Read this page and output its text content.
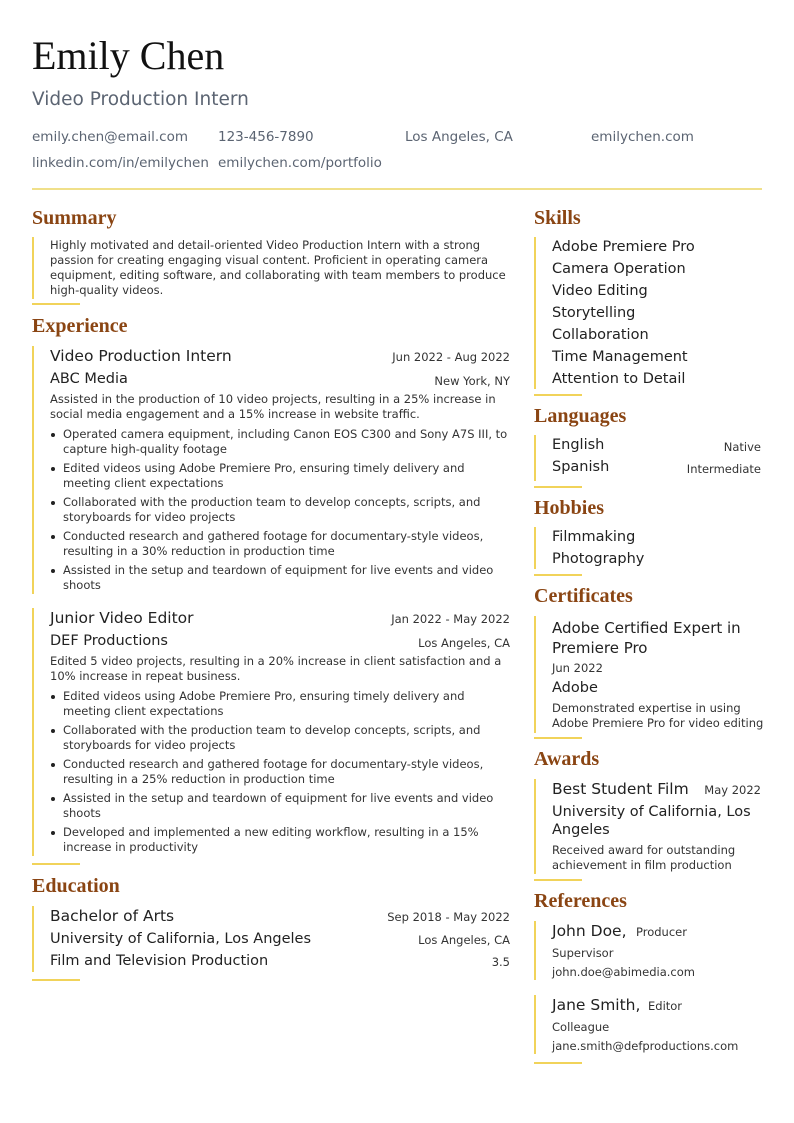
Emily Chen
Video Production Intern
emily.chen@email.com 123-456-7890	Los Angeles, CA	emilychen.com
linkedin.com/in/emilychen emilychen.com/portfolio
Summary
Highly motivated and detail-oriented Video Production Intern with a strong passion for creating engaging visual content. Proficient in operating camera equipment, editing software, and collaborating with team members to produce high-quality videos.
Experience
Video Production Intern	Jun 2022 - Aug 2022
ABC Media	New York, NY
Assisted in the production of 10 video projects, resulting in a 25% increase in social media engagement and a 15% increase in website traffic.
Operated camera equipment, including Canon EOS C300 and Sony A7S III, to capture high-quality footage
Edited videos using Adobe Premiere Pro, ensuring timely delivery and meeting client expectations
Collaborated with the production team to develop concepts, scripts, and storyboards for video projects
Conducted research and gathered footage for documentary-style videos, resulting in a 30% reduction in production time
Assisted in the setup and teardown of equipment for live events and video shoots
Junior Video Editor	Jan 2022 - May 2022
DEF Productions	Los Angeles, CA
Edited 5 video projects, resulting in a 20% increase in client satisfaction and a 10% increase in repeat business.
Edited videos using Adobe Premiere Pro, ensuring timely delivery and meeting client expectations
Collaborated with the production team to develop concepts, scripts, and storyboards for video projects
Conducted research and gathered footage for documentary-style videos, resulting in a 25% reduction in production time
Assisted in the setup and teardown of equipment for live events and video shoots
Developed and implemented a new editing workflow, resulting in a 15% increase in productivity
Education
Bachelor of Arts	Sep 2018 - May 2022
University of California, Los Angeles	Los Angeles, CA
Film and Television Production	3.5
Skills
Adobe Premiere Pro
Camera Operation
Video Editing
Storytelling
Collaboration
Time Management
Attention to Detail
Languages
English	Native
Spanish	Intermediate
Hobbies
Filmmaking
Photography
Certificates
Adobe Certified Expert in Premiere Pro
Jun 2022
Adobe
Demonstrated expertise in using Adobe Premiere Pro for video editing
Awards
Best Student Film	May 2022
University of California, Los Angeles
Received award for outstanding achievement in film production
References
John Doe, Producer
Supervisor
john.doe@abimedia.com
Jane Smith, Editor
Colleague
jane.smith@defproductions.com
